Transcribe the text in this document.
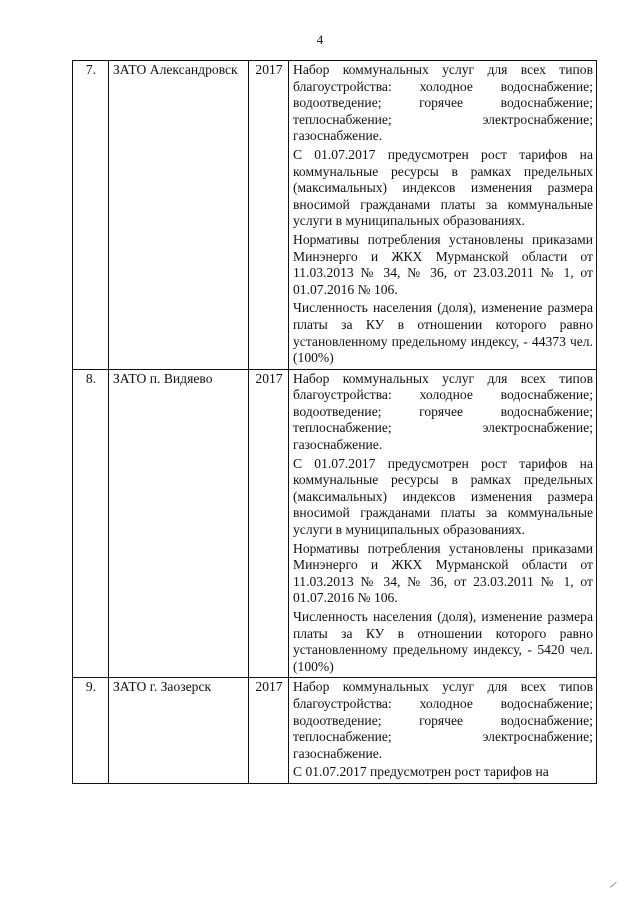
4
7.	ЗАТО Александровск	2017	Набор коммунальных услуг для всех типов благоустройства: холодное водоснабжение; водоотведение; горячее водоснабжение; теплоснабжение; электроснабжение; газоснабжение.
С 01.07.2017 предусмотрен рост тарифов на коммунальные ресурсы в рамках предельных (максимальных) индексов изменения размера вносимой гражданами платы за коммунальные услуги в муниципальных образованиях.
Нормативы потребления установлены приказами Минэнерго и ЖКХ Мурманской области от 11.03.2013 № 34, № 36, от 23.03.2011 № 1, от 01.07.2016 № 106.
Численность населения (доля), изменение размера платы за КУ в отношении которого равно установленному предельному индексу, - 44373 чел. (100%)

8.	ЗАТО п. Видяево	2017	Набор коммунальных услуг для всех типов благоустройства: холодное водоснабжение; водоотведение; горячее водоснабжение; теплоснабжение; электроснабжение; газоснабжение.
С 01.07.2017 предусмотрен рост тарифов на коммунальные ресурсы в рамках предельных (максимальных) индексов изменения размера вносимой гражданами платы за коммунальные услуги в муниципальных образованиях.
Нормативы потребления установлены приказами Минэнерго и ЖКХ Мурманской области от 11.03.2013 № 34, № 36, от 23.03.2011 № 1, от 01.07.2016 № 106.
Численность населения (доля), изменение размера платы за КУ в отношении которого равно установленному предельному индексу, - 5420 чел. (100%)

9.	ЗАТО г. Заозерск	2017	Набор коммунальных услуг для всех типов благоустройства: холодное водоснабжение; водоотведение; горячее водоснабжение; теплоснабжение; электроснабжение; газоснабжение.
С 01.07.2017 предусмотрен рост тарифов на
